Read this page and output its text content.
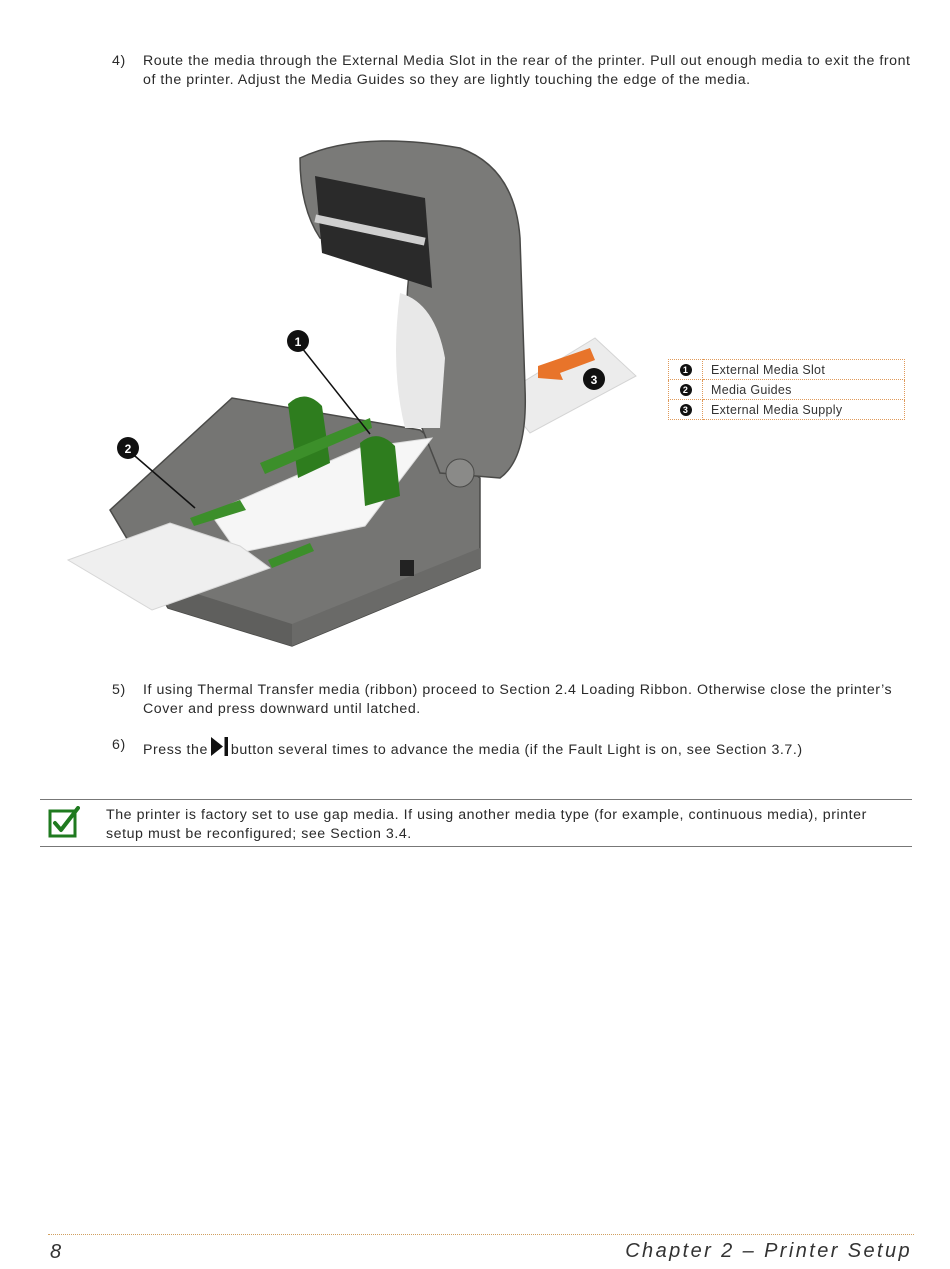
4)	Route the media through the External Media Slot in the rear of the printer. Pull out enough media to exit the front of the printer. Adjust the Media Guides so they are lightly touching the edge of the media.
1
2
3
1	External Media Slot
2	Media Guides
3	External Media Supply
5)	If using Thermal Transfer media (ribbon) proceed to Section 2.4 Loading Ribbon. Otherwise close the printer’s Cover and press downward until latched.
6)	Press the button several times to advance the media (if the Fault Light is on, see Section 3.7.)
The printer is factory set to use gap media. If using another media type (for example, continuous media), printer setup must be reconfigured; see Section 3.4.
8	Chapter 2 – Printer Setup
